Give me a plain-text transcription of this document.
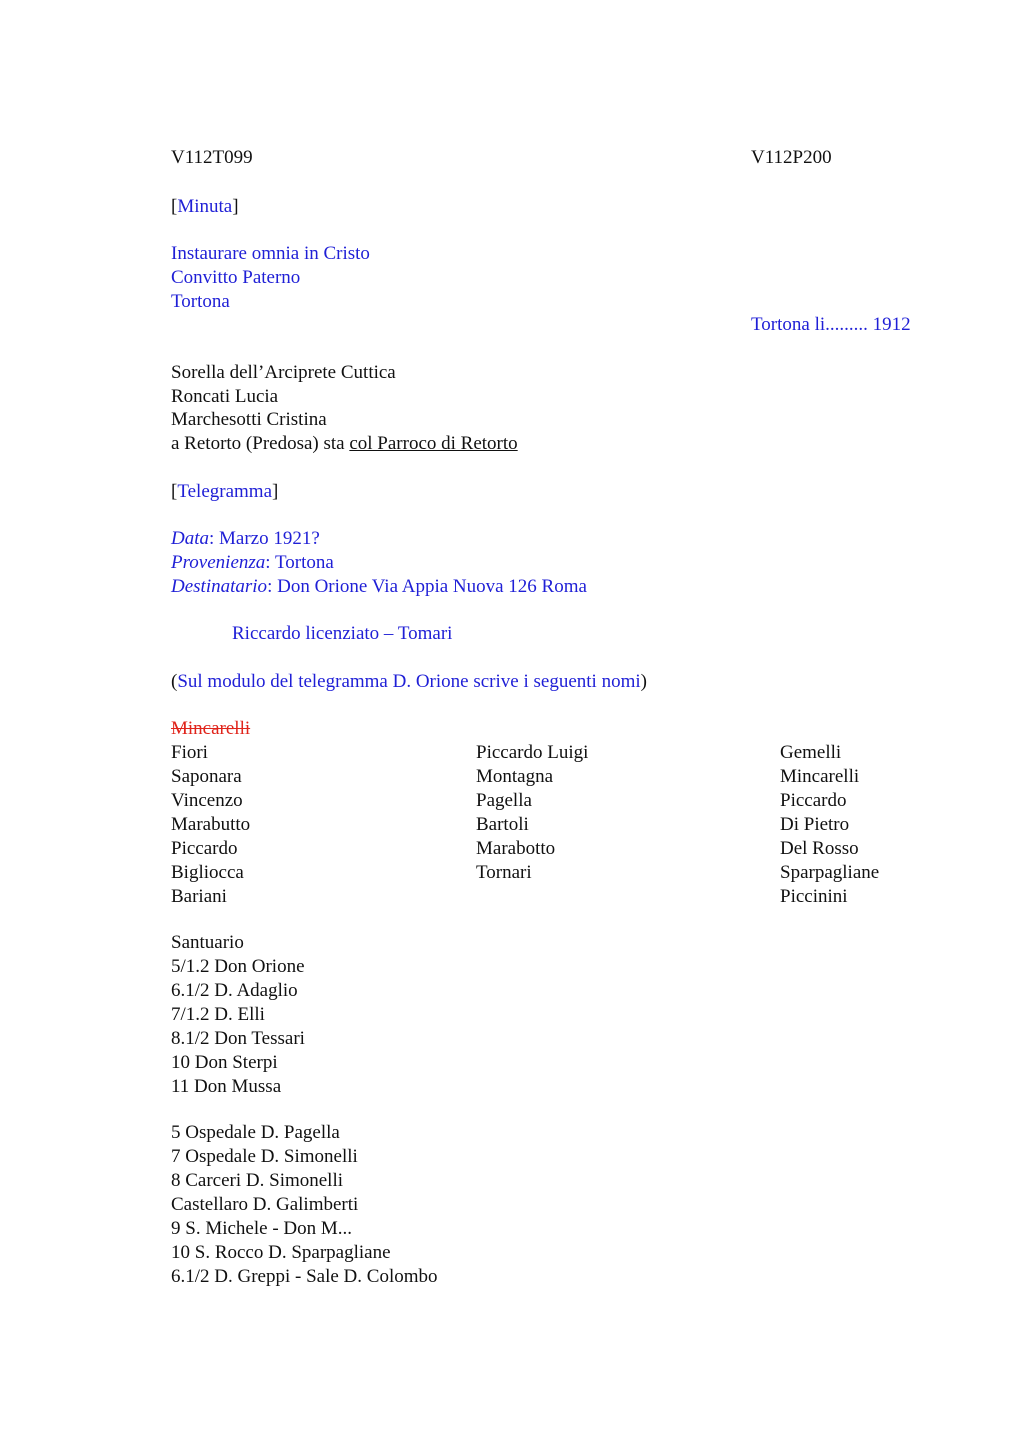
V112T099	V112P200
[Minuta]
Instaurare omnia in Cristo
Convitto Paterno
Tortona
Tortona li......... 1912
Sorella dell’Arciprete Cuttica
Roncati Lucia
Marchesotti Cristina
a Retorto (Predosa) sta col Parroco di Retorto
[Telegramma]
Data: Marzo 1921?
Provenienza: Tortona
Destinatario: Don Orione Via Appia Nuova 126 Roma
Riccardo licenziato – Tomari
(Sul modulo del telegramma D. Orione scrive i seguenti nomi)
Mincarelli
Fiori
Saponara
Vincenzo
Marabutto
Piccardo
Bigliocca
Bariani
Piccardo Luigi
Montagna
Pagella
Bartoli
Marabotto
Tornari
Gemelli
Mincarelli
Piccardo
Di Pietro
Del Rosso
Sparpagliane
Piccinini
Santuario
5/1.2 Don Orione
6.1/2 D. Adaglio
7/1.2 D. Elli
8.1/2 Don Tessari
10 Don Sterpi
11 Don Mussa
5 Ospedale D. Pagella
7 Ospedale D. Simonelli
8 Carceri D. Simonelli
Castellaro D. Galimberti
9 S. Michele - Don M...
10 S. Rocco D. Sparpagliane
6.1/2 D. Greppi - Sale D. Colombo
